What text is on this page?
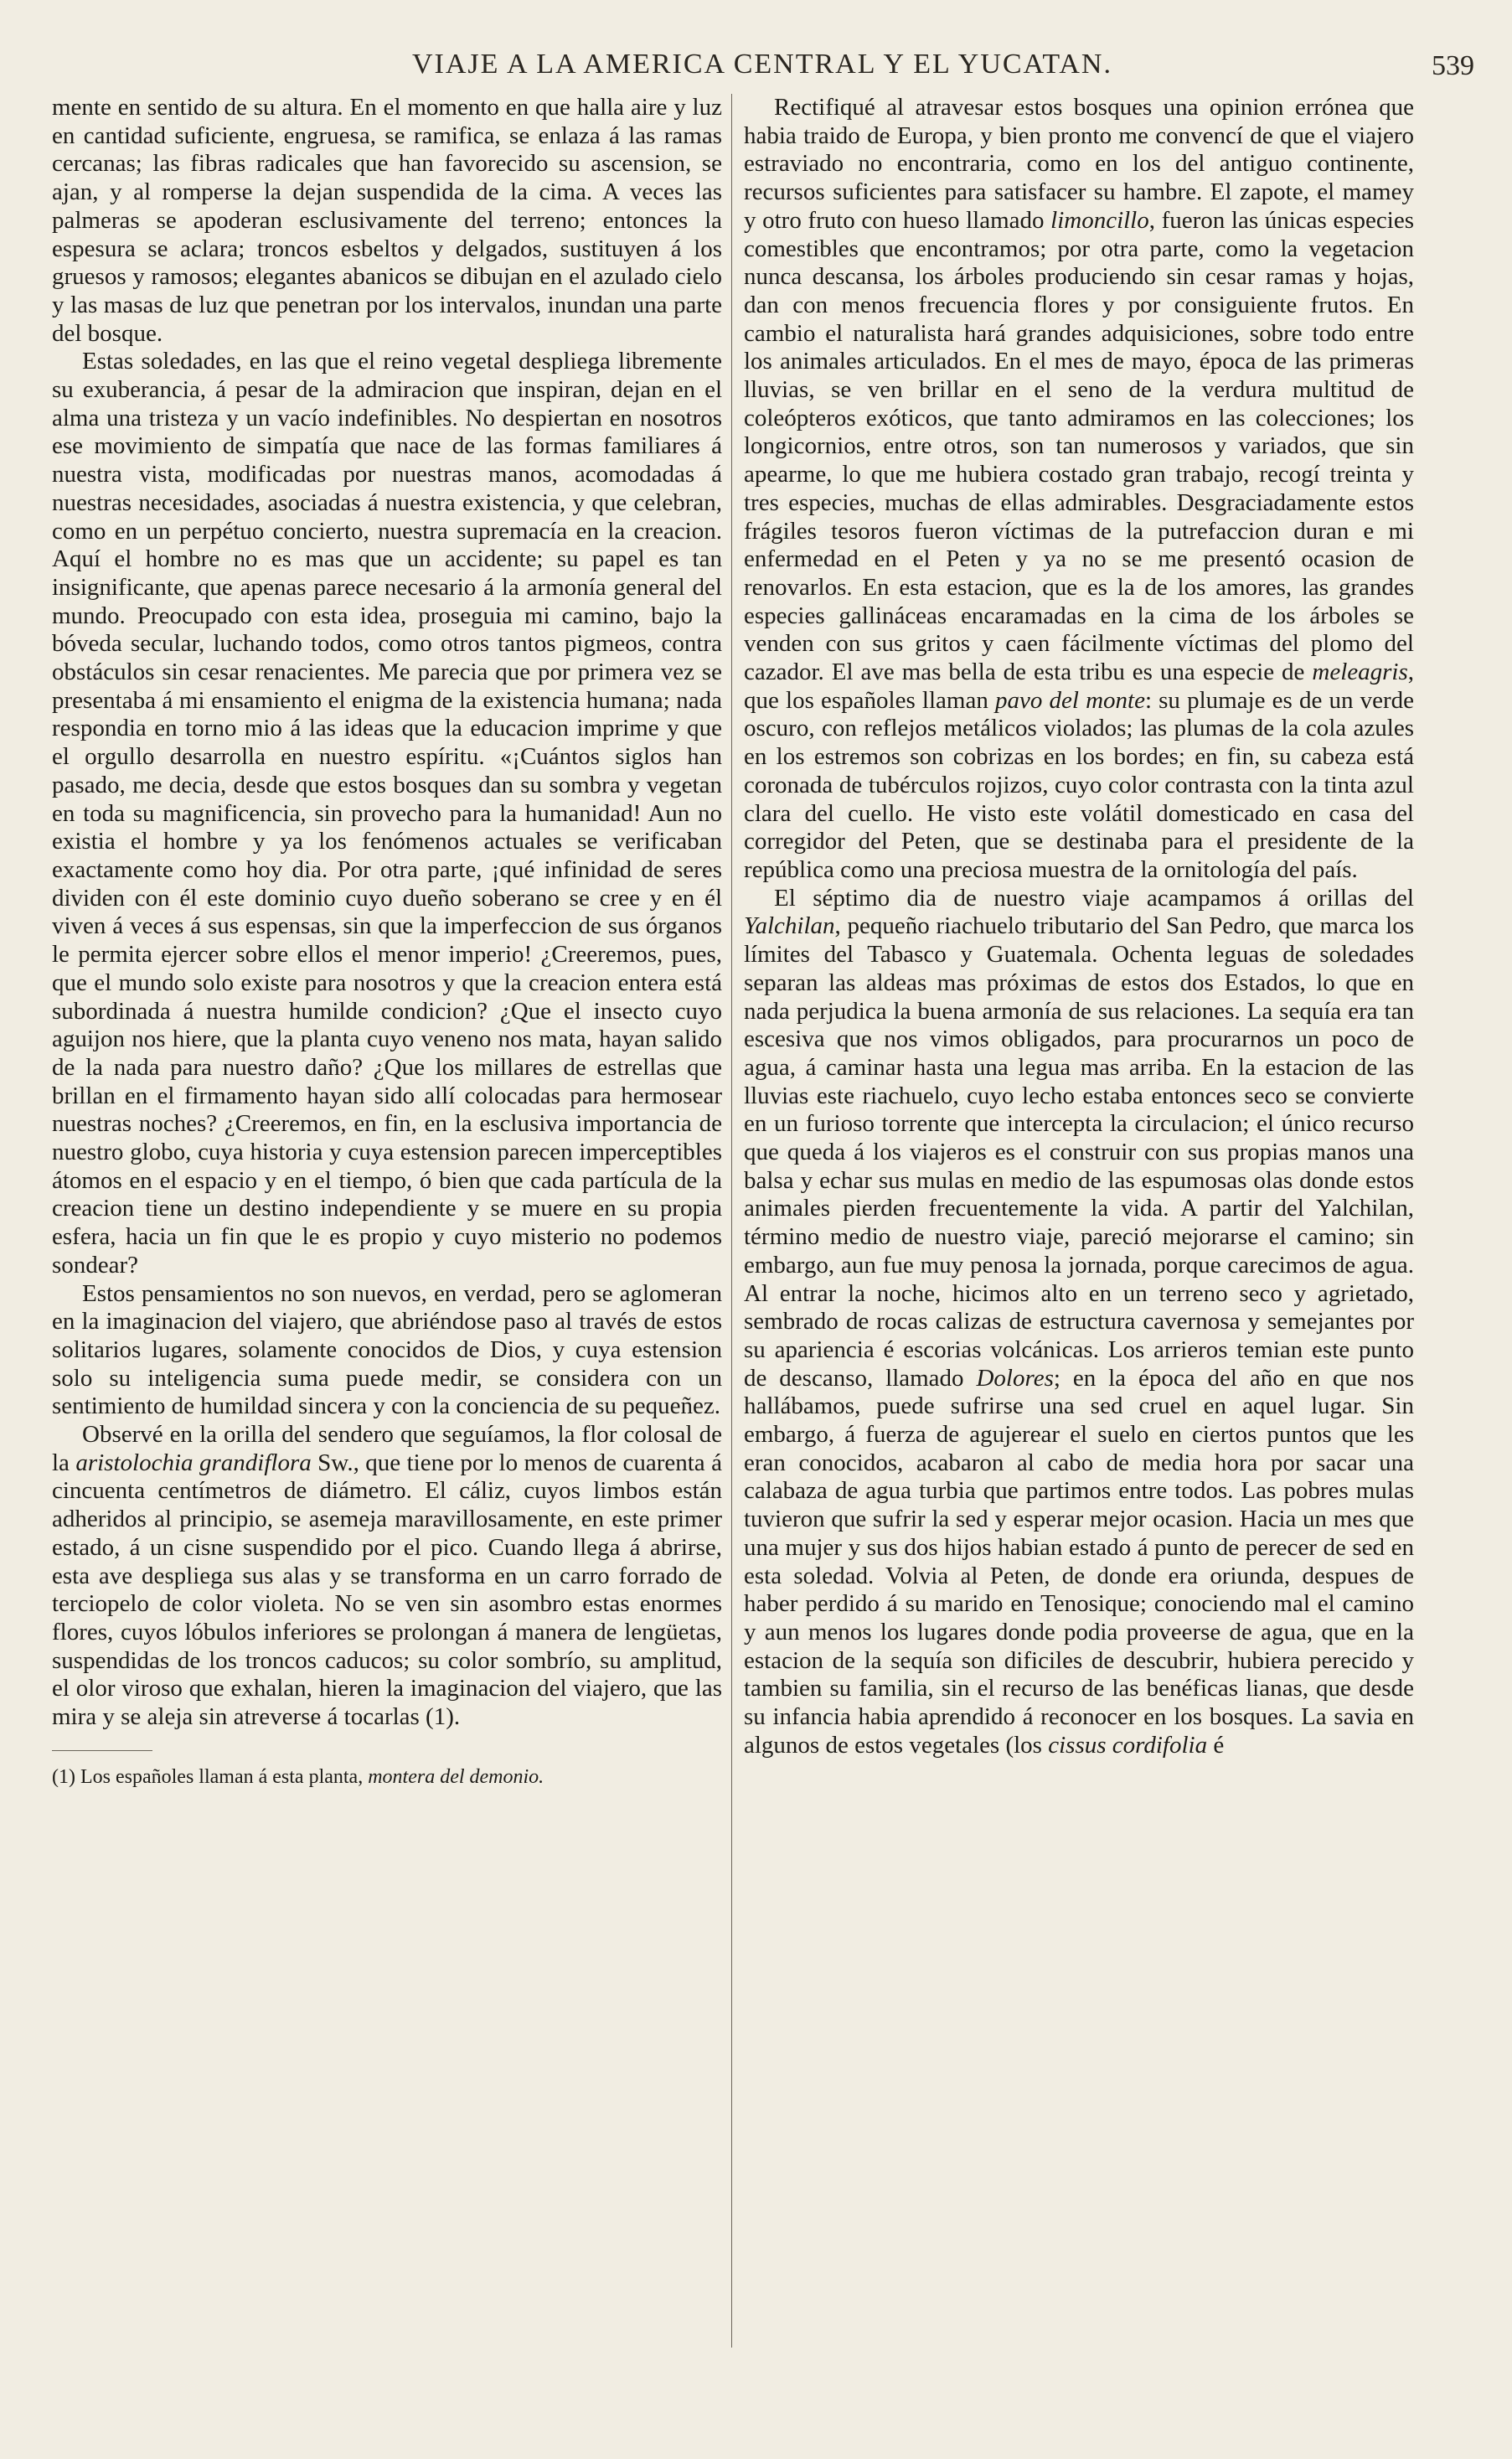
VIAJE A LA AMERICA CENTRAL Y EL YUCATAN.	539

mente en sentido de su altura. En el momento en que halla aire y luz en cantidad suficiente, engruesa, se ramifica, se enlaza á las ramas cercanas; las fibras radicales que han favorecido su ascension, se ajan, y al romperse la dejan suspendida de la cima. A veces las palmeras se apoderan esclusivamente del terreno; entonces la espesura se aclara; troncos esbeltos y delgados, sustituyen á los gruesos y ramosos; elegantes abanicos se dibujan en el azulado cielo y las masas de luz que penetran por los intervalos, inundan una parte del bosque.

Estas soledades, en las que el reino vegetal despliega libremente su exuberancia, á pesar de la admiracion que inspiran, dejan en el alma una tristeza y un vacío indefinibles. No despiertan en nosotros ese movimiento de simpatía que nace de las formas familiares á nuestra vista, modificadas por nuestras manos, acomodadas á nuestras necesidades, asociadas á nuestra existencia, y que celebran, como en un perpétuo concierto, nuestra supremacía en la creacion. Aquí el hombre no es mas que un accidente; su papel es tan insignificante, que apenas parece necesario á la armonía general del mundo. Preocupado con esta idea, proseguia mi camino, bajo la bóveda secular, luchando todos, como otros tantos pigmeos, contra obstáculos sin cesar renacientes. Me parecia que por primera vez se presentaba á mi ensamiento el enigma de la existencia humana; nada respondia en torno mio á las ideas que la educacion imprime y que el orgullo desarrolla en nuestro espíritu. «¡Cuántos siglos han pasado, me decia, desde que estos bosques dan su sombra y vegetan en toda su magnificencia, sin provecho para la humanidad! Aun no existia el hombre y ya los fenómenos actuales se verificaban exactamente como hoy dia. Por otra parte, ¡qué infinidad de seres dividen con él este dominio cuyo dueño soberano se cree y en él viven á veces á sus espensas, sin que la imperfeccion de sus órganos le permita ejercer sobre ellos el menor imperio! ¿Creeremos, pues, que el mundo solo existe para nosotros y que la creacion entera está subordinada á nuestra humilde condicion? ¿Que el insecto cuyo aguijon nos hiere, que la planta cuyo veneno nos mata, hayan salido de la nada para nuestro daño? ¿Que los millares de estrellas que brillan en el firmamento hayan sido allí colocadas para hermosear nuestras noches? ¿Creeremos, en fin, en la esclusiva importancia de nuestro globo, cuya historia y cuya estension parecen imperceptibles átomos en el espacio y en el tiempo, ó bien que cada partícula de la creacion tiene un destino independiente y se muere en su propia esfera, hacia un fin que le es propio y cuyo misterio no podemos sondear?

Estos pensamientos no son nuevos, en verdad, pero se aglomeran en la imaginacion del viajero, que abriéndose paso al través de estos solitarios lugares, solamente conocidos de Dios, y cuya estension solo su inteligencia suma puede medir, se considera con un sentimiento de humildad sincera y con la conciencia de su pequeñez.

Observé en la orilla del sendero que seguíamos, la flor colosal de la aristolochia grandiflora Sw., que tiene por lo menos de cuarenta á cincuenta centímetros de diámetro. El cáliz, cuyos limbos están adheridos al principio, se asemeja maravillosamente, en este primer estado, á un cisne suspendido por el pico. Cuando llega á abrirse, esta ave despliega sus alas y se transforma en un carro forrado de terciopelo de color violeta. No se ven sin asombro estas enormes flores, cuyos lóbulos inferiores se prolongan á manera de lengüetas, suspendidas de los troncos caducos; su color sombrío, su amplitud, el olor viroso que exhalan, hieren la imaginacion del viajero, que las mira y se aleja sin atreverse á tocarlas (1).

(1) Los españoles llaman á esta planta, montera del demonio.

Rectifiqué al atravesar estos bosques una opinion errónea que habia traido de Europa, y bien pronto me convencí de que el viajero estraviado no encontraria, como en los del antiguo continente, recursos suficientes para satisfacer su hambre. El zapote, el mamey y otro fruto con hueso llamado limoncillo, fueron las únicas especies comestibles que encontramos; por otra parte, como la vegetacion nunca descansa, los árboles produciendo sin cesar ramas y hojas, dan con menos frecuencia flores y por consiguiente frutos. En cambio el naturalista hará grandes adquisiciones, sobre todo entre los animales articulados. En el mes de mayo, época de las primeras lluvias, se ven brillar en el seno de la verdura multitud de coleópteros exóticos, que tanto admiramos en las colecciones; los longicornios, entre otros, son tan numerosos y variados, que sin apearme, lo que me hubiera costado gran trabajo, recogí treinta y tres especies, muchas de ellas admirables. Desgraciadamente estos frágiles tesoros fueron víctimas de la putrefaccion duran e mi enfermedad en el Peten y ya no se me presentó ocasion de renovarlos. En esta estacion, que es la de los amores, las grandes especies gallináceas encaramadas en la cima de los árboles se venden con sus gritos y caen fácilmente víctimas del plomo del cazador. El ave mas bella de esta tribu es una especie de meleagris, que los españoles llaman pavo del monte: su plumaje es de un verde oscuro, con reflejos metálicos violados; las plumas de la cola azules en los estremos son cobrizas en los bordes; en fin, su cabeza está coronada de tubérculos rojizos, cuyo color contrasta con la tinta azul clara del cuello. He visto este volátil domesticado en casa del corregidor del Peten, que se destinaba para el presidente de la república como una preciosa muestra de la ornitología del país.

El séptimo dia de nuestro viaje acampamos á orillas del Yalchilan, pequeño riachuelo tributario del San Pedro, que marca los límites del Tabasco y Guatemala. Ochenta leguas de soledades separan las aldeas mas próximas de estos dos Estados, lo que en nada perjudica la buena armonía de sus relaciones. La sequía era tan escesiva que nos vimos obligados, para procurarnos un poco de agua, á caminar hasta una legua mas arriba. En la estacion de las lluvias este riachuelo, cuyo lecho estaba entonces seco se convierte en un furioso torrente que intercepta la circulacion; el único recurso que queda á los viajeros es el construir con sus propias manos una balsa y echar sus mulas en medio de las espumosas olas donde estos animales pierden frecuentemente la vida. A partir del Yalchilan, término medio de nuestro viaje, pareció mejorarse el camino; sin embargo, aun fue muy penosa la jornada, porque carecimos de agua. Al entrar la noche, hicimos alto en un terreno seco y agrietado, sembrado de rocas calizas de estructura cavernosa y semejantes por su apariencia é escorias volcánicas. Los arrieros temian este punto de descanso, llamado Dolores; en la época del año en que nos hallábamos, puede sufrirse una sed cruel en aquel lugar. Sin embargo, á fuerza de agujerear el suelo en ciertos puntos que les eran conocidos, acabaron al cabo de media hora por sacar una calabaza de agua turbia que partimos entre todos. Las pobres mulas tuvieron que sufrir la sed y esperar mejor ocasion. Hacia un mes que una mujer y sus dos hijos habian estado á punto de perecer de sed en esta soledad. Volvia al Peten, de donde era oriunda, despues de haber perdido á su marido en Tenosique; conociendo mal el camino y aun menos los lugares donde podia proveerse de agua, que en la estacion de la sequía son dificiles de descubrir, hubiera perecido y tambien su familia, sin el recurso de las benéficas lianas, que desde su infancia habia aprendido á reconocer en los bosques. La savia en algunos de estos vegetales (los cissus cordifolia é
